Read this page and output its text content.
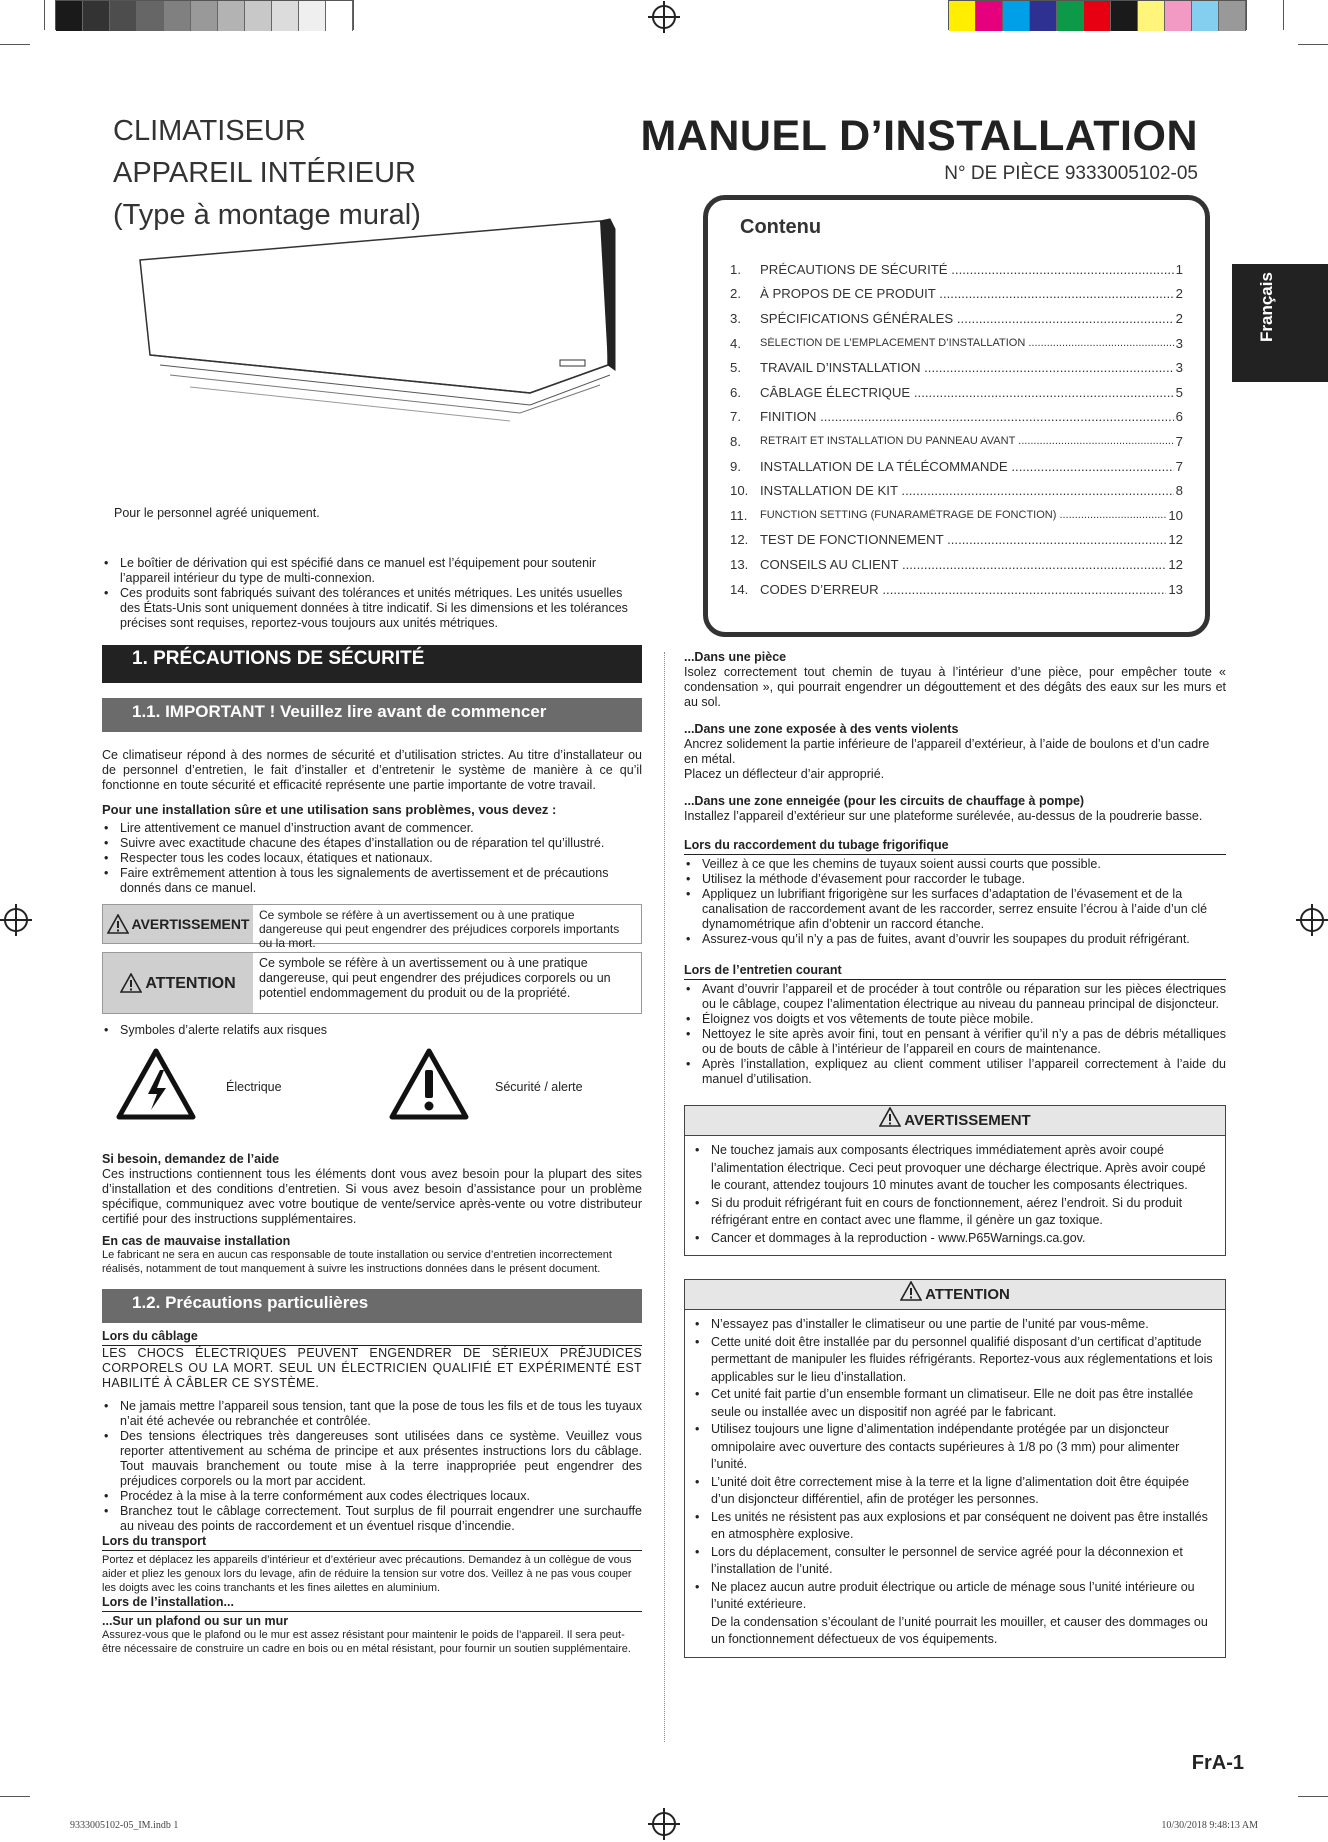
CLIMATISEUR
APPAREIL INTÉRIEUR
(Type à montage mural)
MANUEL D’INSTALLATION
N° DE PIÈCE 9333005102-05
Pour le personnel agréé uniquement.
Contenu
1.	PRÉCAUTIONS DE SÉCURITÉ .....	1
2.	À PROPOS DE CE PRODUIT .....	2
3.	SPÉCIFICATIONS GÉNÉRALES .....	2
4.	SÉLECTION DE L’EMPLACEMENT D’INSTALLATION .....	3
5.	TRAVAIL D’INSTALLATION .....	3
6.	CÂBLAGE ÉLECTRIQUE .....	5
7.	FINITION .....	6
8.	RETRAIT ET INSTALLATION DU PANNEAU AVANT .....	7
9.	INSTALLATION DE LA TÉLÉCOMMANDE .....	7
10. INSTALLATION DE KIT .....	8
11.	FUNCTION SETTING (FUNARAMÉTRAGE DE FONCTION) .....	10
12. TEST DE FONCTIONNEMENT .....	12
13. CONSEILS AU CLIENT .....	12
14. CODES D’ERREUR .....	13
Français
• Le boîtier de dérivation qui est spécifié dans ce manuel est l’équipement pour soutenir l’appareil intérieur du type de multi-connexion.
• Ces produits sont fabriqués suivant des tolérances et unités métriques. Les unités usuelles des États-Unis sont uniquement données à titre indicatif. Si les dimensions et les tolérances précises sont requises, reportez-vous toujours aux unités métriques.
1. PRÉCAUTIONS DE SÉCURITÉ
1.1. IMPORTANT ! Veuillez lire avant de commencer

Ce climatiseur répond à des normes de sécurité et d’utilisation strictes. Au titre d’installateur ou de personnel d’entretien, le fait d’installer et d’entretenir le système de manière à ce qu’il fonctionne en toute sécurité et efficacité représente une partie importante de votre travail.

Pour une installation sûre et une utilisation sans problèmes, vous devez :

• Lire attentivement ce manuel d’instruction avant de commencer.
• Suivre avec exactitude chacune des étapes d’installation ou de réparation tel qu’illustré.
• Respecter tous les codes locaux, étatiques et nationaux.
• Faire extrêmement attention à tous les signalements de avertissement et de précautions donnés dans ce manuel.
AVERTISSEMENT
Ce symbole se réfère à un avertissement ou à une pratique dangereuse qui peut engendrer des préjudices corporels importants ou la mort.
ATTENTION
Ce symbole se réfère à un avertissement ou à une pratique dangereuse, qui peut engendrer des préjudices corporels ou un potentiel endommagement du produit ou de la propriété.
• Symboles d’alerte relatifs aux risques
Électrique	Sécurité / alerte

Si besoin, demandez de l’aide

Ces instructions contiennent tous les éléments dont vous avez besoin pour la plupart des sites d’installation et des conditions d’entretien. Si vous avez besoin d’assistance pour un problème spécifique, communiquez avec votre boutique de vente/service après-vente ou votre distributeur certifié pour des instructions supplémentaires.

En cas de mauvaise installation

Le fabricant ne sera en aucun cas responsable de toute installation ou service d’entretien incorrectement réalisés, notamment de tout manquement à suivre les instructions données dans le présent document.

1.2. Précautions particulières

Lors du câblage

LES CHOCS ÉLECTRIQUES PEUVENT ENGENDRER DE SÉRIEUX PRÉJUDICES CORPORELS OU LA MORT. SEUL UN ÉLECTRICIEN QUALIFIÉ ET EXPÉRIMENTÉ EST HABILITÉ À CÂBLER CE SYSTÈME.

• Ne jamais mettre l’appareil sous tension, tant que la pose de tous les fils et de tous les tuyaux n’ait été achevée ou rebranchée et contrôlée.
• Des tensions électriques très dangereuses sont utilisées dans ce système. Veuillez vous reporter attentivement au schéma de principe et aux présentes instructions lors du câblage. Tout mauvais branchement ou toute mise à la terre inappropriée peut engendrer des préjudices corporels ou la mort par accident.
• Procédez à la mise à la terre conformément aux codes électriques locaux.
• Branchez tout le câblage correctement. Tout surplus de fil pourrait engendrer une surchauffe au niveau des points de raccordement et un éventuel risque d’incendie.

Lors du transport

Portez et déplacez les appareils d’intérieur et d’extérieur avec précautions. Demandez à un collègue de vous aider et pliez les genoux lors du levage, afin de réduire la tension sur votre dos. Veillez à ne pas vous couper les doigts avec les coins tranchants et les fines ailettes en aluminium.

Lors de l’installation...

...Sur un plafond ou sur un mur

Assurez-vous que le plafond ou le mur est assez résistant pour maintenir le poids de l’appareil. Il sera peut-être nécessaire de construire un cadre en bois ou en métal résistant, pour fournir un soutien supplémentaire.

...Dans une pièce

Isolez correctement tout chemin de tuyau à l’intérieur d’une pièce, pour empêcher toute « condensation », qui pourrait engendrer un dégouttement et des dégâts des eaux sur les murs et au sol.

...Dans une zone exposée à des vents violents

Ancrez solidement la partie inférieure de l’appareil d’extérieur, à l’aide de boulons et d’un cadre en métal.

Placez un déflecteur d’air approprié.

...Dans une zone enneigée (pour les circuits de chauffage à pompe)

Installez l’appareil d’extérieur sur une plateforme surélevée, au-dessus de la poudrerie basse.

Lors du raccordement du tubage frigorifique

• Veillez à ce que les chemins de tuyaux soient aussi courts que possible.
• Utilisez la méthode d’évasement pour raccorder le tubage.
• Appliquez un lubrifiant frigorigène sur les surfaces d’adaptation de l’évasement et de la canalisation de raccordement avant de les raccorder, serrez ensuite l’écrou à l’aide d’un clé dynamométrique afin d’obtenir un raccord étanche.
• Assurez-vous qu’il n’y a pas de fuites, avant d’ouvrir les soupapes du produit réfrigérant.

Lors de l’entretien courant

• Avant d’ouvrir l’appareil et de procéder à tout contrôle ou réparation sur les pièces électriques ou le câblage, coupez l’alimentation électrique au niveau du panneau principal de disjoncteur.
• Éloignez vos doigts et vos vêtements de toute pièce mobile.
• Nettoyez le site après avoir fini, tout en pensant à vérifier qu’il n’y a pas de débris métalliques ou de bouts de câble à l’intérieur de l’appareil en cours de maintenance.
• Après l’installation, expliquez au client comment utiliser l’appareil correctement à l’aide du manuel d’utilisation.
AVERTISSEMENT
• Ne touchez jamais aux composants électriques immédiatement après avoir coupé l’alimentation électrique. Ceci peut provoquer une décharge électrique. Après avoir coupé le courant, attendez toujours 10 minutes avant de toucher les composants électriques.
• Si du produit réfrigérant fuit en cours de fonctionnement, aérez l’endroit. Si du produit réfrigérant entre en contact avec une flamme, il génère un gaz toxique.
• Cancer et dommages à la reproduction - www.P65Warnings.ca.gov.
ATTENTION
• N’essayez pas d’installer le climatiseur ou une partie de l’unité par vous-même.
• Cette unité doit être installée par du personnel qualifié disposant d’un certificat d’aptitude permettant de manipuler les fluides réfrigérants. Reportez-vous aux réglementations et lois applicables sur le lieu d’installation.
• Cet unité fait partie d’un ensemble formant un climatiseur. Elle ne doit pas être installée seule ou installée avec un dispositif non agréé par le fabricant.
• Utilisez toujours une ligne d’alimentation indépendante protégée par un disjoncteur omnipolaire avec ouverture des contacts supérieures à 1/8 po (3 mm) pour alimenter l’unité.
• L’unité doit être correctement mise à la terre et la ligne d’alimentation doit être équipée d’un disjoncteur différentiel, afin de protéger les personnes.
• Les unités ne résistent pas aux explosions et par conséquent ne doivent pas être installés en atmosphère explosive.
• Lors du déplacement, consulter le personnel de service agréé pour la déconnexion et l’installation de l’unité.
• Ne placez aucun autre produit électrique ou article de ménage sous l’unité intérieure ou l’unité extérieure.

De la condensation s’écoulant de l’unité pourrait les mouiller, et causer des dommages ou un fonctionnement défectueux de vos équipements.

FrA-1
9333005102-05_IM.indb 1	10/30/2018 9:48:13 AM
